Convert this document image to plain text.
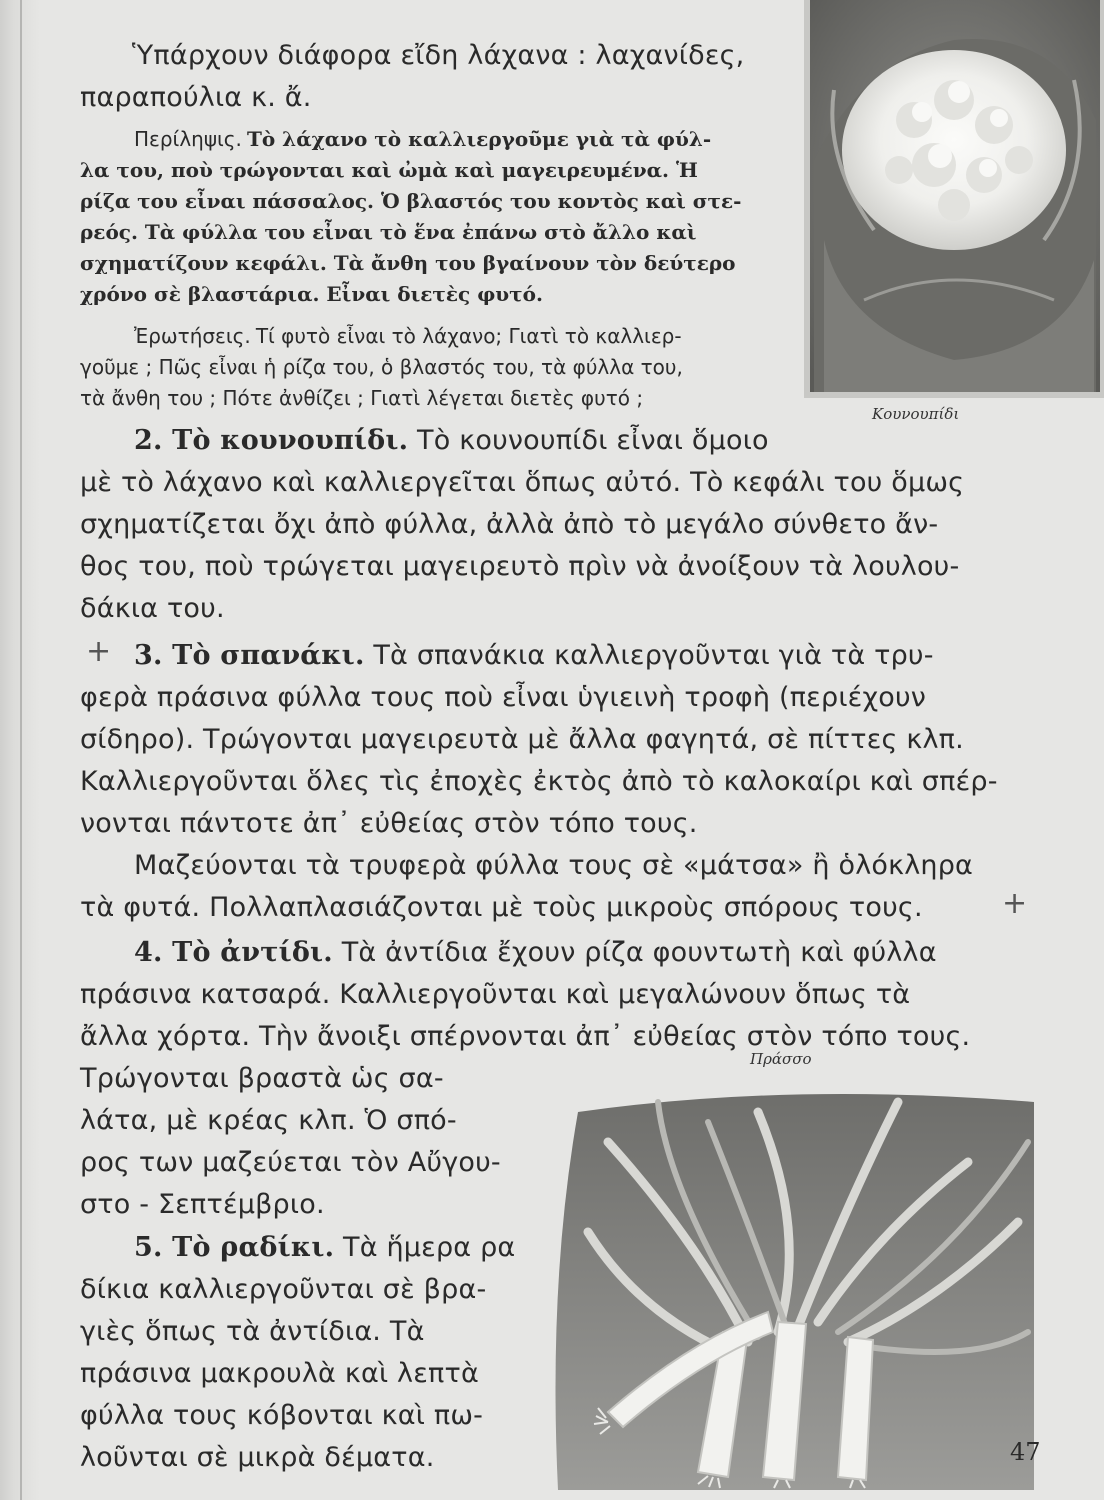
Ὑπάρχουν διάφορα εἴδη λάχανα : λαχανίδες,

παραπούλια κ. ἄ.

Περίληψις. Τὸ λάχανο τὸ καλλιεργοῦμε γιὰ τὰ φύλ-

λα του, ποὺ τρώγονται καὶ ὠμὰ καὶ μαγειρευμένα. Ἡ

ρίζα του εἶναι πάσσαλος. Ὁ βλαστός του κοντὸς καὶ στε-

ρεός. Τὰ φύλλα του εἶναι τὸ ἕνα ἐπάνω στὸ ἄλλο καὶ

σχηματίζουν κεφάλι. Τὰ ἄνθη του βγαίνουν τὸν δεύτερο

χρόνο σὲ βλαστάρια. Εἶναι διετὲς φυτό.

Ἐρωτήσεις. Τί φυτὸ εἶναι τὸ λάχανο; Γιατὶ τὸ καλλιερ-

γοῦμε ; Πῶς εἶναι ἡ ρίζα του, ὁ βλαστός του, τὰ φύλλα του,

τὰ ἄνθη του ; Πότε ἀνθίζει ; Γιατὶ λέγεται διετὲς φυτό ;

Κουνουπίδι

2. Τὸ κουνουπίδι. Τὸ κουνουπίδι εἶναι ὅμοιο

μὲ τὸ λάχανο καὶ καλλιεργεῖται ὅπως αὐτό. Τὸ κεφάλι του ὅμως

σχηματίζεται ὄχι ἀπὸ φύλλα, ἀλλὰ ἀπὸ τὸ μεγάλο σύνθετο ἄν-

θος του, ποὺ τρώγεται μαγειρευτὸ πρὶν νὰ ἀνοίξουν τὰ λουλου-

δάκια του.

+ 3. Τὸ σπανάκι. Τὰ σπανάκια καλλιεργοῦνται γιὰ τὰ τρυ-

φερὰ πράσινα φύλλα τους ποὺ εἶναι ὑγιεινὴ τροφὴ (περιέχουν

σίδηρο). Τρώγονται μαγειρευτὰ μὲ ἄλλα φαγητά, σὲ πίττες κλπ.

Καλλιεργοῦνται ὅλες τὶς ἐποχὲς ἐκτὸς ἀπὸ τὸ καλοκαίρι καὶ σπέρ-

νονται πάντοτε ἀπ᾽ εὐθείας στὸν τόπο τους.

Μαζεύονται τὰ τρυφερὰ φύλλα τους σὲ «μάτσα» ἢ ὁλόκληρα

τὰ φυτά. Πολλαπλασιάζονται μὲ τοὺς μικροὺς σπόρους τους.	+

4. Τὸ ἀντίδι. Τὰ ἀντίδια ἔχουν ρίζα φουντωτὴ καὶ φύλλα

πράσινα κατσαρά. Καλλιεργοῦνται καὶ μεγαλώνουν ὅπως τὰ

ἄλλα χόρτα. Τὴν ἄνοιξι σπέρνονται ἀπ᾽ εὐθείας στὸν τόπο τους.

Τρώγονται βραστὰ ὡς σα-

λάτα, μὲ κρέας κλπ. Ὁ σπό-

ρος των μαζεύεται τὸν Αὔγου-

στο - Σεπτέμβριο.

5. Τὸ ραδίκι. Τὰ ἥμερα ρα

δίκια καλλιεργοῦνται σὲ βρα-

γιὲς ὅπως τὰ ἀντίδια. Τὰ

πράσινα μακρουλὰ καὶ λεπτὰ

φύλλα τους κόβονται καὶ πω-

λοῦνται σὲ μικρὰ δέματα.

Πράσσο
47
